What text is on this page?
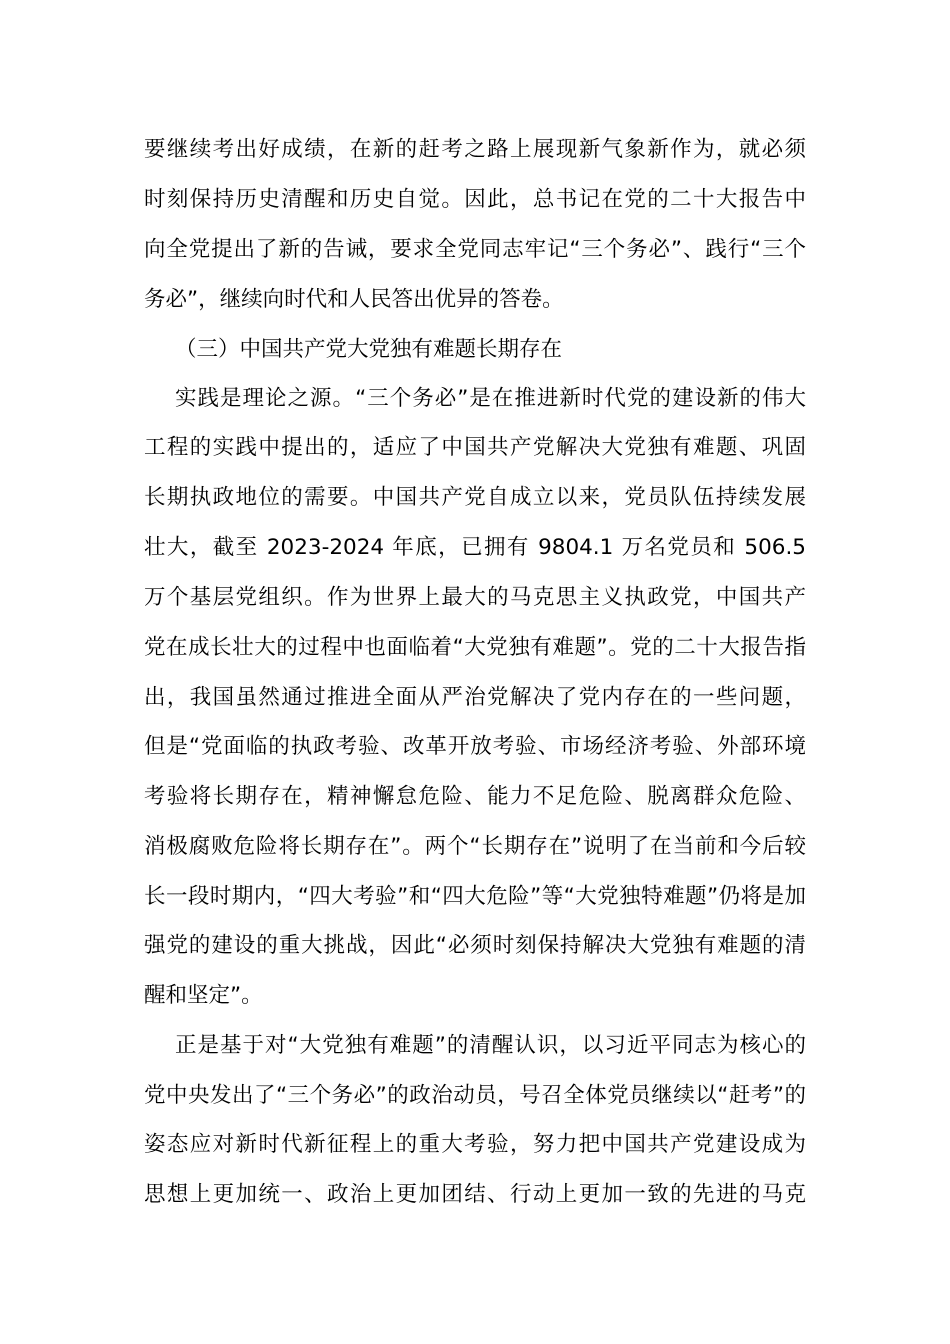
要继续考出好成绩，在新的赶考之路上展现新气象新作为，就必须
时刻保持历史清醒和历史自觉。因此，总书记在党的二十大报告中
向全党提出了新的告诫，要求全党同志牢记“三个务必”、践行“三个
务必”，继续向时代和人民答出优异的答卷。
（三）中国共产党大党独有难题长期存在
实践是理论之源。“三个务必”是在推进新时代党的建设新的伟大
工程的实践中提出的，适应了中国共产党解决大党独有难题、巩固
长期执政地位的需要。中国共产党自成立以来，党员队伍持续发展
壮大，截至 2023-2024 年底，已拥有 9804.1 万名党员和 506.5
万个基层党组织。作为世界上最大的马克思主义执政党，中国共产
党在成长壮大的过程中也面临着“大党独有难题”。党的二十大报告指
出，我国虽然通过推进全面从严治党解决了党内存在的一些问题，
但是“党面临的执政考验、改革开放考验、市场经济考验、外部环境
考验将长期存在，精神懈怠危险、能力不足危险、脱离群众危险、
消极腐败危险将长期存在”。两个“长期存在”说明了在当前和今后较
长一段时期内，“四大考验”和“四大危险”等“大党独特难题”仍将是加
强党的建设的重大挑战，因此“必须时刻保持解决大党独有难题的清
醒和坚定”。
正是基于对“大党独有难题”的清醒认识，以习近平同志为核心的
党中央发出了“三个务必”的政治动员，号召全体党员继续以“赶考”的
姿态应对新时代新征程上的重大考验，努力把中国共产党建设成为
思想上更加统一、政治上更加团结、行动上更加一致的先进的马克
